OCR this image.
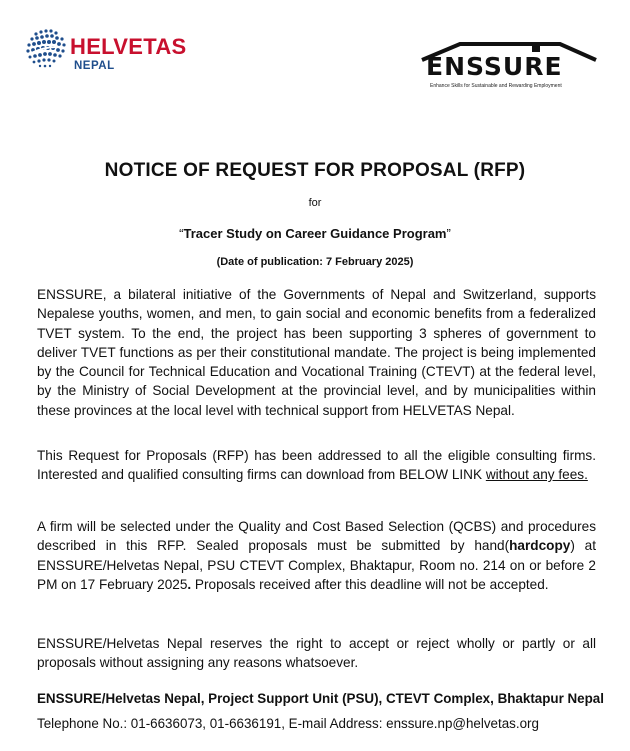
HELVETAS
NEPAL	ENSSURE
Enhance Skills for Sustainable and Rewarding Employment
NOTICE OF REQUEST FOR PROPOSAL (RFP)
for
“Tracer Study on Career Guidance Program”
(Date of publication: 7 February 2025)

ENSSURE, a bilateral initiative of the Governments of Nepal and Switzerland, supports Nepalese youths, women, and men, to gain social and economic benefits from a federalized TVET system. To the end, the project has been supporting 3 spheres of government to deliver TVET functions as per their constitutional mandate. The project is being implemented by the Council for Technical Education and Vocational Training (CTEVT) at the federal level, by the Ministry of Social Development at the provincial level, and by municipalities within these provinces at the local level with technical support from HELVETAS Nepal.

This Request for Proposals (RFP) has been addressed to all the eligible consulting firms. Interested and qualified consulting firms can download from BELOW LINK without any fees.

A firm will be selected under the Quality and Cost Based Selection (QCBS) and procedures described in this RFP. Sealed proposals must be submitted by hand(hardcopy) at ENSSURE/Helvetas Nepal, PSU CTEVT Complex, Bhaktapur, Room no. 214 on or before 2 PM on 17 February 2025. Proposals received after this deadline will not be accepted.

ENSSURE/Helvetas Nepal reserves the right to accept or reject wholly or partly or all proposals without assigning any reasons whatsoever.

ENSSURE/Helvetas Nepal, Project Support Unit (PSU), CTEVT Complex, Bhaktapur Nepal
Telephone No.: 01-6636073, 01-6636191, E-mail Address: enssure.np@helvetas.org
